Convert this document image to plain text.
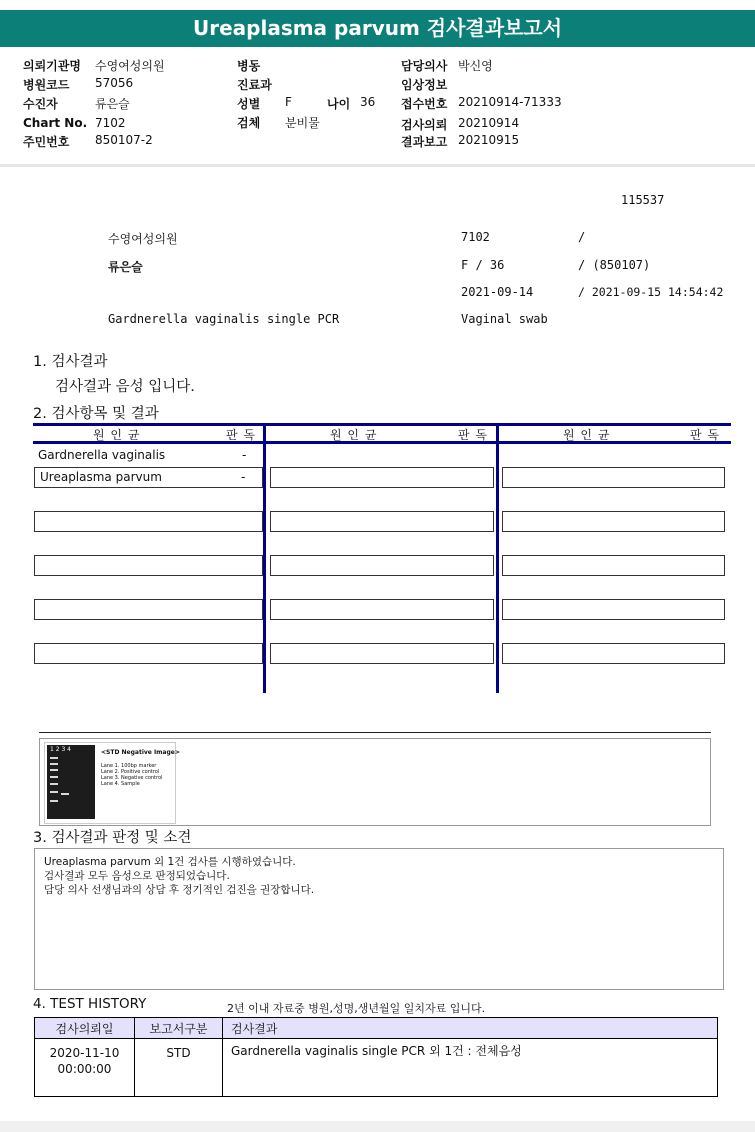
Ureaplasma parvum 검사결과보고서
의뢰기관명 수영여성의원
병원코드 57056
수진자	류은슬
Chart No. 7102
주민번호 850107-2
병동
진료과
성별 F	나이 36
검체 분비물
담당의사 박신영
임상정보
접수번호 20210914-71333
검사의뢰 20210914
결과보고 20210915
115537
수영여성의원	7102	/
류은슬	F / 36	/ (850107)
2021-09-14	/ 2021-09-15 14:54:42
Gardnerella vaginalis single PCR	Vaginal swab
1. 검사결과
검사결과 음성 입니다.
2. 검사항목 및 결과
원 인 균	판 독	원 인 균	판 독	원 인 균	판 독
Gardnerella vaginalis	-
Ureaplasma parvum	-
1 2 3 4	<STD Negative Image>
Lane 1. 100bp marker
Lane 2. Positive control
Lane 3. Negative control
Lane 4. Sample
3. 검사결과 판정 및 소견
Ureaplasma parvum 외 1건 검사를 시행하였습니다.
검사결과 모두 음성으로 판정되었습니다.
담당 의사 선생님과의 상담 후 정기적인 검진을 권장합니다.
4. TEST HISTORY	2년 이내 자료중 병원,성명,생년월일 일치자료 입니다.
검사의뢰일	보고서구분	검사결과

2020-11-10
00:00:00	STD	Gardnerella vaginalis single PCR 외 1건 : 전체음성
